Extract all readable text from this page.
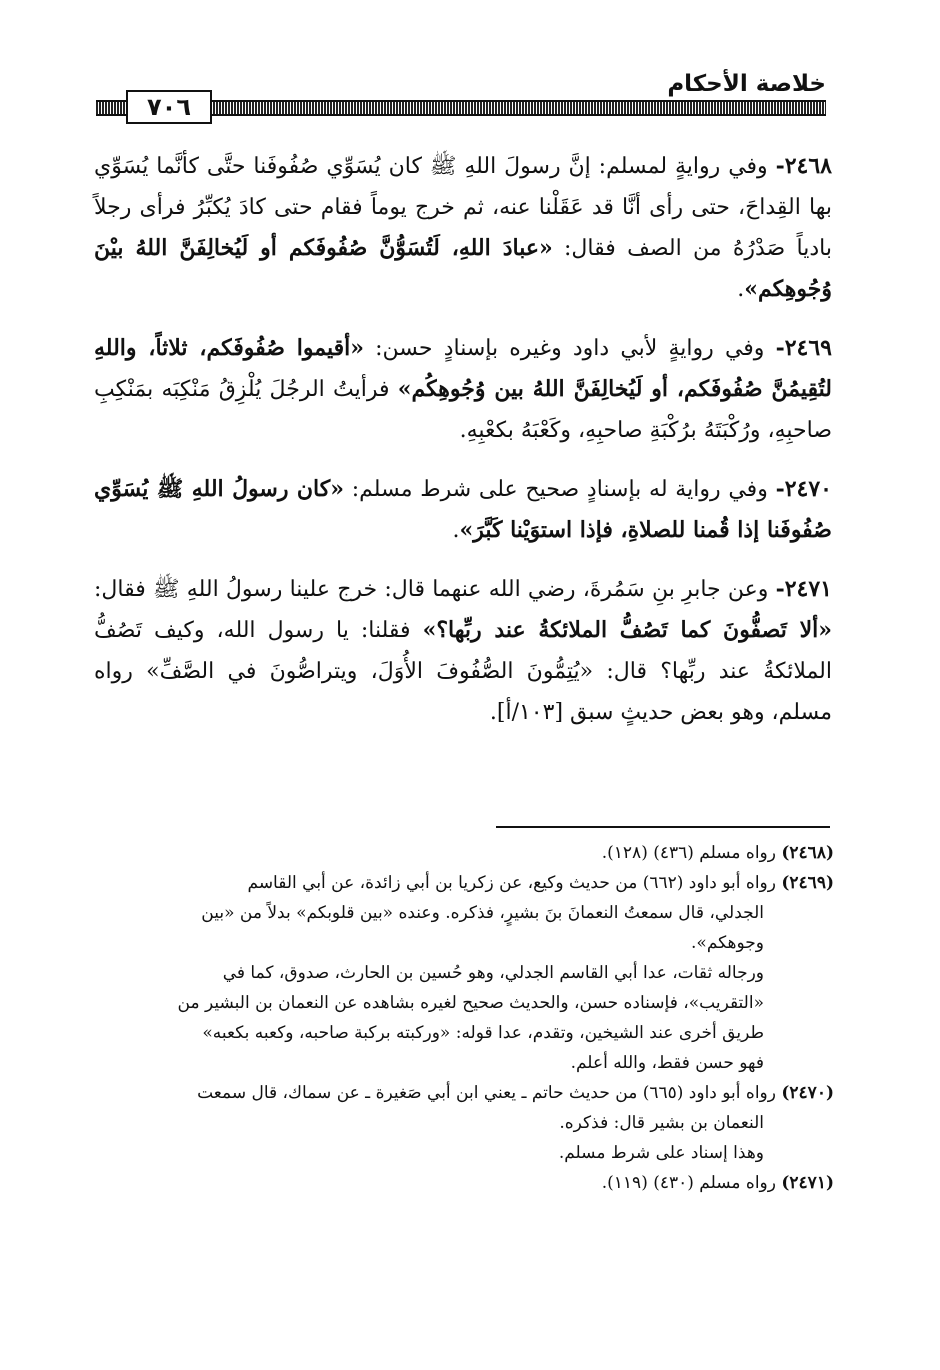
خلاصة الأحكام
٧٠٦

٢٤٦٨- وفي روايةٍ لمسلم: إنَّ رسولَ اللهِ ﷺ كان يُسَوِّي صُفُوفَنا حتَّى كأنَّما يُسَوِّي بها القِداحَ، حتى رأى أنَّا قد عَقَلْنا عنه، ثم خرج يوماً فقام حتى كادَ يُكبِّرُ فرأى رجلاً بادياً صَدْرُهُ من الصف فقال: «عبادَ اللهِ، لَتُسَوُّنَّ صُفُوفَكم أو لَيُخالِفَنَّ اللهُ بيْنَ وُجُوهِكم».

٢٤٦٩- وفي روايةٍ لأبي داود وغيره بإسنادٍ حسن: «أقيموا صُفُوفَكم، ثلاثاً، واللهِ لتُقِيمُنَّ صُفُوفَكم، أو لَيُخالِفَنَّ اللهُ بين وُجُوهِكُم» فرأيتُ الرجُلَ يُلْزِقُ مَنْكِبَه بمَنْكِبِ صاحبِهِ، ورُكْبَتَهُ برُكْبَةِ صاحبِهِ، وكَعْبَهُ بكعْبِهِ.

٢٤٧٠- وفي رواية له بإسنادٍ صحيح على شرط مسلم: «كان رسولُ اللهِ ﷺ يُسَوِّي صُفُوفَنا إذا قُمنا للصلاةِ، فإذا استوَيْنا كَبَّرَ».

٢٤٧١- وعن جابرِ بنِ سَمُرةَ، رضي الله عنهما قال: خرج علينا رسولُ اللهِ ﷺ فقال: «ألا تَصفُّونَ كما تَصُفُّ الملائكةُ عند ربِّها؟» فقلنا: يا رسول الله، وكيف تَصُفُّ الملائكةُ عند ربِّها؟ قال: «يُتِمُّونَ الصُّفُوفَ الأُوَلَ، ويتراصُّونَ في الصَّفِّ» رواه مسلم، وهو بعض حديثٍ سبق [١٠٣/أ].

(٢٤٦٨) رواه مسلم (٤٣٦) (١٢٨).

(٢٤٦٩) رواه أبو داود (٦٦٢) من حديث وكيع، عن زكريا بن أبي زائدة، عن أبي القاسم

الجدلي، قال سمعتُ النعمانَ بنَ بشيرٍ، فذكره. وعنده «بين قلوبكم» بدلاً من «بين

وجوهكم».

ورجاله ثقات، عدا أبي القاسم الجدلي، وهو حُسين بن الحارث، صدوق، كما في

«التقريب»، فإسناده حسن، والحديث صحيح لغيره بشاهده عن النعمان بن البشير من

طريق أخرى عند الشيخين، وتقدم، عدا قوله: «وركبته بركبة صاحبه، وكعبه بكعبه»

فهو حسن فقط، والله أعلم.

(٢٤٧٠) رواه أبو داود (٦٦٥) من حديث حاتم ـ يعني ابن أبي صَغيرة ـ عن سماك، قال سمعت

النعمان بن بشير قال: فذكره.

وهذا إسناد على شرط مسلم.

(٢٤٧١) رواه مسلم (٤٣٠) (١١٩).
